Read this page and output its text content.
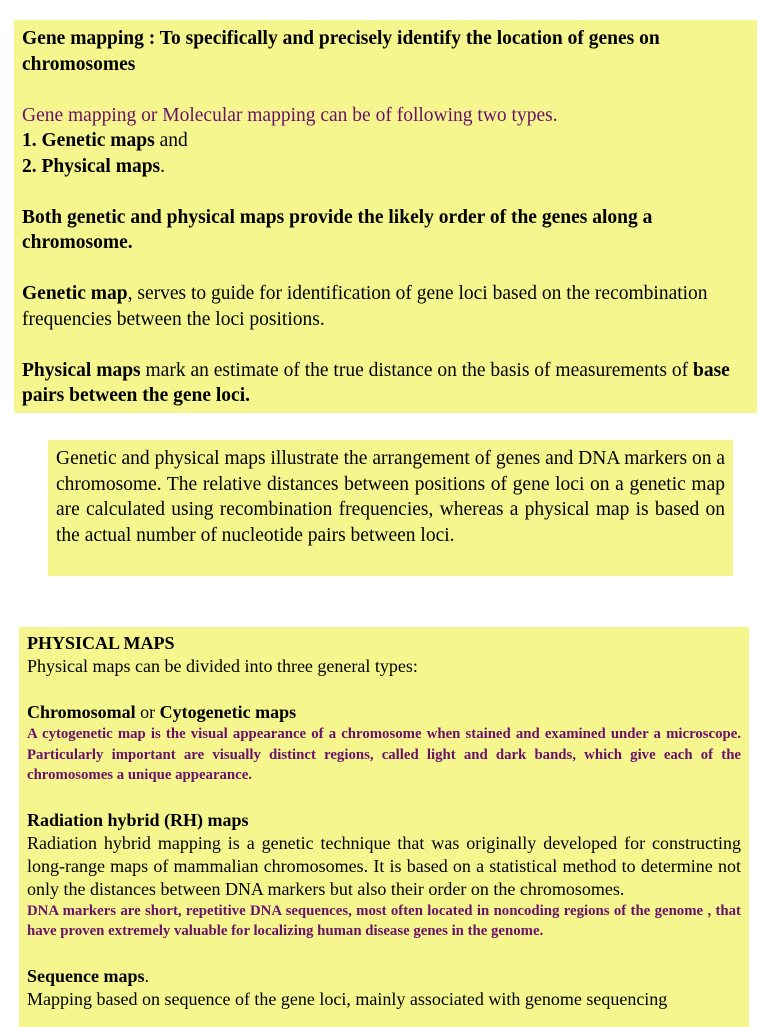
Gene mapping : To specifically and precisely identify the location of genes on chromosomes

Gene mapping or Molecular mapping can be of following two types.

1. Genetic maps and

2. Physical maps.

Both genetic and physical maps provide the likely order of the genes along a chromosome.

Genetic map, serves to guide for identification of gene loci based on the recombination frequencies between the loci positions.

Physical maps mark an estimate of the true distance on the basis of measurements of base pairs between the gene loci.

Genetic and physical maps illustrate the arrangement of genes and DNA markers on a chromosome. The relative distances between positions of gene loci on a genetic map are calculated using recombination frequencies, whereas a physical map is based on the actual number of nucleotide pairs between loci.

PHYSICAL MAPS

Physical maps can be divided into three general types:

Chromosomal or Cytogenetic maps

A cytogenetic map is the visual appearance of a chromosome when stained and examined under a microscope. Particularly important are visually distinct regions, called light and dark bands, which give each of the chromosomes a unique appearance.

Radiation hybrid (RH) maps

Radiation hybrid mapping is a genetic technique that was originally developed for constructing long-range maps of mammalian chromosomes. It is based on a statistical method to determine not only the distances between DNA markers but also their order on the chromosomes.

DNA markers are short, repetitive DNA sequences, most often located in noncoding regions of the genome , that have proven extremely valuable for localizing human disease genes in the genome.

Sequence maps.

Mapping based on sequence of the gene loci, mainly associated with genome sequencing
